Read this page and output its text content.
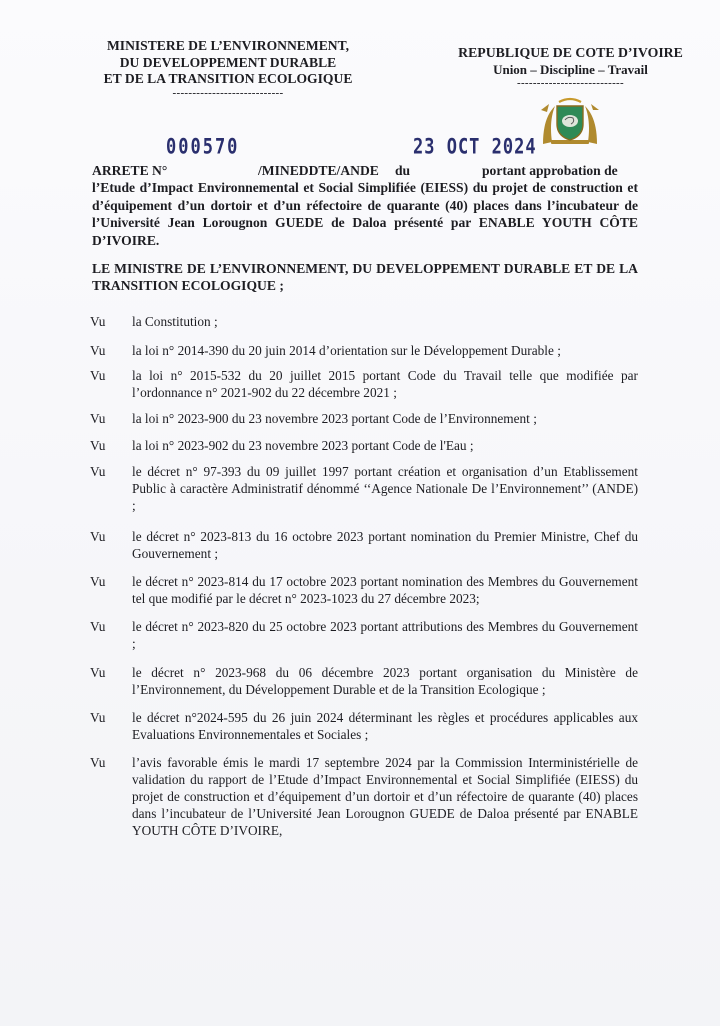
MINISTERE DE L’ENVIRONNEMENT,
DU DEVELOPPEMENT DURABLE
ET DE LA TRANSITION ECOLOGIQUE
----------------------------
REPUBLIQUE DE COTE D’IVOIRE
Union – Discipline – Travail
---------------------------
000570	23 OCT 2024
ARRETE N°	/MINEDDTE/ANDE du	portant approbation de
l’Etude d’Impact Environnemental et Social Simplifiée (EIESS) du projet de construction et d’équipement d’un dortoir et d’un réfectoire de quarante (40) places dans l’incubateur de l’Université Jean Lorougnon GUEDE de Daloa présenté par ENABLE YOUTH CÔTE D’IVOIRE.
LE MINISTRE DE L’ENVIRONNEMENT, DU DEVELOPPEMENT DURABLE ET DE LA TRANSITION ECOLOGIQUE ;
Vu la Constitution ;
Vu la loi n° 2014-390 du 20 juin 2014 d’orientation sur le Développement Durable ;
Vu la loi n° 2015-532 du 20 juillet 2015 portant Code du Travail telle que modifiée par l’ordonnance n° 2021-902 du 22 décembre 2021 ;
Vu la loi n° 2023-900 du 23 novembre 2023 portant Code de l’Environnement ;
Vu la loi n° 2023-902 du 23 novembre 2023 portant Code de l'Eau ;
Vu le décret n° 97-393 du 09 juillet 1997 portant création et organisation d’un Etablissement Public à caractère Administratif dénommé ‘‘Agence Nationale De l’Environnement’’ (ANDE) ;
Vu le décret n° 2023-813 du 16 octobre 2023 portant nomination du Premier Ministre, Chef du Gouvernement ;
Vu le décret n° 2023-814 du 17 octobre 2023 portant nomination des Membres du Gouvernement tel que modifié par le décret n° 2023-1023 du 27 décembre 2023;
Vu le décret n° 2023-820 du 25 octobre 2023 portant attributions des Membres du Gouvernement ;
Vu le décret n° 2023-968 du 06 décembre 2023 portant organisation du Ministère de l’Environnement, du Développement Durable et de la Transition Ecologique ;
Vu le décret n°2024-595 du 26 juin 2024 déterminant les règles et procédures applicables aux Evaluations Environnementales et Sociales ;
Vu l’avis favorable émis le mardi 17 septembre 2024 par la Commission Interministérielle de validation du rapport de l’Etude d’Impact Environnemental et Social Simplifiée (EIESS) du projet de construction et d’équipement d’un dortoir et d’un réfectoire de quarante (40) places dans l’incubateur de l’Université Jean Lorougnon GUEDE de Daloa présenté par ENABLE YOUTH CÔTE D’IVOIRE,
